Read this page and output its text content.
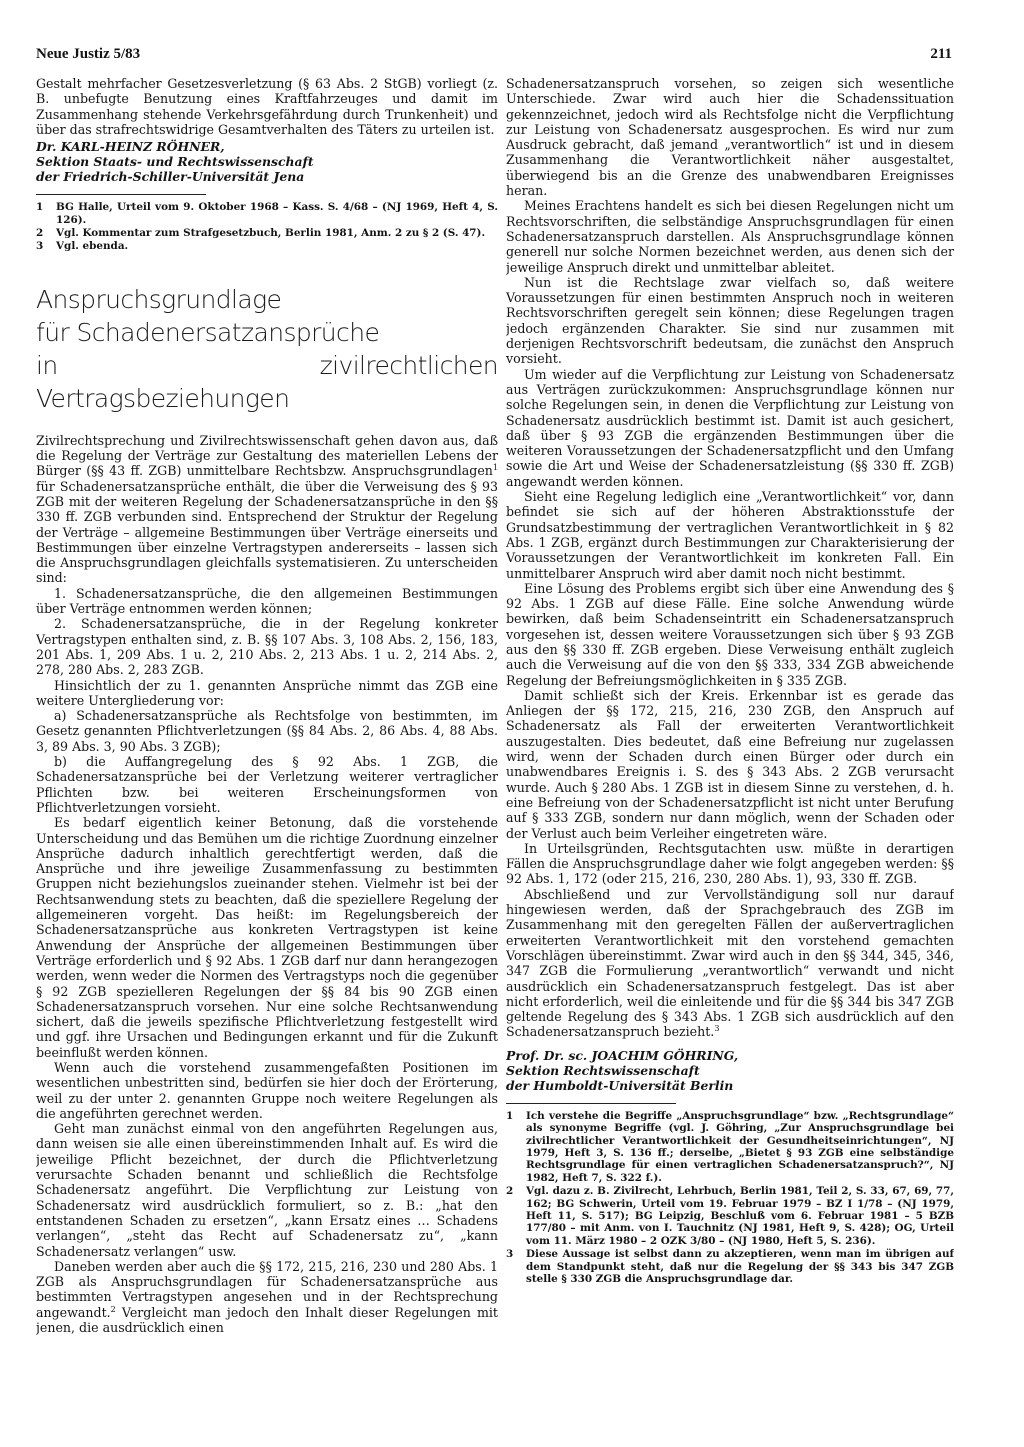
Neue Justiz 5/83	211

Gestalt mehrfacher Gesetzesverletzung (§ 63 Abs. 2 StGB) vorliegt (z. B. unbefugte Benutzung eines Kraftfahrzeuges und damit im Zusammenhang stehende Verkehrsgefährdung durch Trunkenheit) und über das strafrechtswidrige Gesamtverhalten des Täters zu urteilen ist.

Dr. KARL-HEINZ RÖHNER,
Sektion Staats- und Rechtswissenschaft
der Friedrich-Schiller-Universität Jena
1	BG Halle, Urteil vom 9. Oktober 1968 – Kass. S. 4/68 – (NJ 1969, Heft 4, S. 126).
2	Vgl. Kommentar zum Strafgesetzbuch, Berlin 1981, Anm. 2 zu § 2 (S. 47).
3	Vgl. ebenda.
Anspruchsgrundlage
für Schadenersatzansprüche
in zivilrechtlichen Vertragsbeziehungen

Zivilrechtsprechung und Zivilrechtswissenschaft gehen davon aus, daß die Regelung der Verträge zur Gestaltung des materiellen Lebens der Bürger (§§ 43 ff. ZGB) unmittelbare Rechtsbzw. Anspruchsgrundlagen$^1$ für Schadenersatzansprüche enthält, die über die Verweisung des § 93 ZGB mit der weiteren Regelung der Schadenersatzansprüche in den §§ 330 ff. ZGB verbunden sind. Entsprechend der Struktur der Regelung der Verträge – allgemeine Bestimmungen über Verträge einerseits und Bestimmungen über einzelne Vertragstypen andererseits – lassen sich die Anspruchsgrundlagen gleichfalls systematisieren. Zu unterscheiden sind:

1. Schadenersatzansprüche, die den allgemeinen Bestimmungen über Verträge entnommen werden können;

2. Schadenersatzansprüche, die in der Regelung konkreter Vertragstypen enthalten sind, z. B. §§ 107 Abs. 3, 108 Abs. 2, 156, 183, 201 Abs. 1, 209 Abs. 1 u. 2, 210 Abs. 2, 213 Abs. 1 u. 2, 214 Abs. 2, 278, 280 Abs. 2, 283 ZGB.

Hinsichtlich der zu 1. genannten Ansprüche nimmt das ZGB eine weitere Untergliederung vor:

a) Schadenersatzansprüche als Rechtsfolge von bestimmten, im Gesetz genannten Pflichtverletzungen (§§ 84 Abs. 2, 86 Abs. 4, 88 Abs. 3, 89 Abs. 3, 90 Abs. 3 ZGB);

b) die Auffangregelung des § 92 Abs. 1 ZGB, die Schadenersatzansprüche bei der Verletzung weiterer vertraglicher Pflichten bzw. bei weiteren Erscheinungsformen von Pflichtverletzungen vorsieht.

Es bedarf eigentlich keiner Betonung, daß die vorstehende Unterscheidung und das Bemühen um die richtige Zuordnung einzelner Ansprüche dadurch inhaltlich gerechtfertigt werden, daß die Ansprüche und ihre jeweilige Zusammenfassung zu bestimmten Gruppen nicht beziehungslos zueinander stehen. Vielmehr ist bei der Rechtsanwendung stets zu beachten, daß die speziellere Regelung der allgemeineren vorgeht. Das heißt: im Regelungsbereich der Schadenersatzansprüche aus konkreten Vertragstypen ist keine Anwendung der Ansprüche der allgemeinen Bestimmungen über Verträge erforderlich und § 92 Abs. 1 ZGB darf nur dann herangezogen werden, wenn weder die Normen des Vertragstyps noch die gegenüber § 92 ZGB spezielleren Regelungen der §§ 84 bis 90 ZGB einen Schadenersatzanspruch vorsehen. Nur eine solche Rechtsanwendung sichert, daß die jeweils spezifische Pflichtverletzung festgestellt wird und ggf. ihre Ursachen und Bedingungen erkannt und für die Zukunft beeinflußt werden können.

Wenn auch die vorstehend zusammengefaßten Positionen im wesentlichen unbestritten sind, bedürfen sie hier doch der Erörterung, weil zu der unter 2. genannten Gruppe noch weitere Regelungen als die angeführten gerechnet werden.

Geht man zunächst einmal von den angeführten Regelungen aus, dann weisen sie alle einen übereinstimmenden Inhalt auf. Es wird die jeweilige Pflicht bezeichnet, der durch die Pflichtverletzung verursachte Schaden benannt und schließlich die Rechtsfolge Schadenersatz angeführt. Die Verpflichtung zur Leistung von Schadenersatz wird ausdrücklich formuliert, so z. B.: „hat den entstandenen Schaden zu ersetzen“, „kann Ersatz eines … Schadens verlangen“, „steht das Recht auf Schadenersatz zu“, „kann Schadenersatz verlangen“ usw.

Daneben werden aber auch die §§ 172, 215, 216, 230 und 280 Abs. 1 ZGB als Anspruchsgrundlagen für Schadenersatzansprüche aus bestimmten Vertragstypen angesehen und in der Rechtsprechung angewandt.$^2$ Vergleicht man jedoch den Inhalt dieser Regelungen mit jenen, die ausdrücklich einen

Schadenersatzanspruch vorsehen, so zeigen sich wesentliche Unterschiede. Zwar wird auch hier die Schadenssituation gekennzeichnet, jedoch wird als Rechtsfolge nicht die Verpflichtung zur Leistung von Schadenersatz ausgesprochen. Es wird nur zum Ausdruck gebracht, daß jemand „verantwortlich“ ist und in diesem Zusammenhang die Verantwortlichkeit näher ausgestaltet, überwiegend bis an die Grenze des unabwendbaren Ereignisses heran.

Meines Erachtens handelt es sich bei diesen Regelungen nicht um Rechtsvorschriften, die selbständige Anspruchsgrundlagen für einen Schadenersatzanspruch darstellen. Als Anspruchsgrundlage können generell nur solche Normen bezeichnet werden, aus denen sich der jeweilige Anspruch direkt und unmittelbar ableitet.

Nun ist die Rechtslage zwar vielfach so, daß weitere Voraussetzungen für einen bestimmten Anspruch noch in weiteren Rechtsvorschriften geregelt sein können; diese Regelungen tragen jedoch ergänzenden Charakter. Sie sind nur zusammen mit derjenigen Rechtsvorschrift bedeutsam, die zunächst den Anspruch vorsieht.

Um wieder auf die Verpflichtung zur Leistung von Schadenersatz aus Verträgen zurückzukommen: Anspruchsgrundlage können nur solche Regelungen sein, in denen die Verpflichtung zur Leistung von Schadenersatz ausdrücklich bestimmt ist. Damit ist auch gesichert, daß über § 93 ZGB die ergänzenden Bestimmungen über die weiteren Voraussetzungen der Schadenersatzpflicht und den Umfang sowie die Art und Weise der Schadenersatzleistung (§§ 330 ff. ZGB) angewandt werden können.

Sieht eine Regelung lediglich eine „Verantwortlichkeit“ vor, dann befindet sie sich auf der höheren Abstraktionsstufe der Grundsatzbestimmung der vertraglichen Verantwortlichkeit in § 82 Abs. 1 ZGB, ergänzt durch Bestimmungen zur Charakterisierung der Voraussetzungen der Verantwortlichkeit im konkreten Fall. Ein unmittelbarer Anspruch wird aber damit noch nicht bestimmt.

Eine Lösung des Problems ergibt sich über eine Anwendung des § 92 Abs. 1 ZGB auf diese Fälle. Eine solche Anwendung würde bewirken, daß beim Schadenseintritt ein Schadenersatzanspruch vorgesehen ist, dessen weitere Voraussetzungen sich über § 93 ZGB aus den §§ 330 ff. ZGB ergeben. Diese Verweisung enthält zugleich auch die Verweisung auf die von den §§ 333, 334 ZGB abweichende Regelung der Befreiungsmöglichkeiten in § 335 ZGB.

Damit schließt sich der Kreis. Erkennbar ist es gerade das Anliegen der §§ 172, 215, 216, 230 ZGB, den Anspruch auf Schadenersatz als Fall der erweiterten Verantwortlichkeit auszugestalten. Dies bedeutet, daß eine Befreiung nur zugelassen wird, wenn der Schaden durch einen Bürger oder durch ein unabwendbares Ereignis i. S. des § 343 Abs. 2 ZGB verursacht wurde. Auch § 280 Abs. 1 ZGB ist in diesem Sinne zu verstehen, d. h. eine Befreiung von der Schadenersatzpflicht ist nicht unter Berufung auf § 333 ZGB, sondern nur dann möglich, wenn der Schaden oder der Verlust auch beim Verleiher eingetreten wäre.

In Urteilsgründen, Rechtsgutachten usw. müßte in derartigen Fällen die Anspruchsgrundlage daher wie folgt angegeben werden: §§ 92 Abs. 1, 172 (oder 215, 216, 230, 280 Abs. 1), 93, 330 ff. ZGB.

Abschließend und zur Vervollständigung soll nur darauf hingewiesen werden, daß der Sprachgebrauch des ZGB im Zusammenhang mit den geregelten Fällen der außervertraglichen erweiterten Verantwortlichkeit mit den vorstehend gemachten Vorschlägen übereinstimmt. Zwar wird auch in den §§ 344, 345, 346, 347 ZGB die Formulierung „verantwortlich“ verwandt und nicht ausdrücklich ein Schadenersatzanspruch festgelegt. Das ist aber nicht erforderlich, weil die einleitende und für die §§ 344 bis 347 ZGB geltende Regelung des § 343 Abs. 1 ZGB sich ausdrücklich auf den Schadenersatzanspruch bezieht.$^3$

Prof. Dr. sc. JOACHIM GÖHRING,
Sektion Rechtswissenschaft
der Humboldt-Universität Berlin
1	Ich verstehe die Begriffe „Anspruchsgrundlage“ bzw. „Rechtsgrundlage“ als synonyme Begriffe (vgl. J. Göhring, „Zur Anspruchsgrundlage bei zivilrechtlicher Verantwortlichkeit der Gesundheitseinrichtungen“, NJ 1979, Heft 3, S. 136 ff.; derselbe, „Bietet § 93 ZGB eine selbständige Rechtsgrundlage für einen vertraglichen Schadenersatzanspruch?“, NJ 1982, Heft 7, S. 322 f.).
2	Vgl. dazu z. B. Zivilrecht, Lehrbuch, Berlin 1981, Teil 2, S. 33, 67, 69, 77, 162; BG Schwerin, Urteil vom 19. Februar 1979 – BZ I 1/78 – (NJ 1979, Heft 11, S. 517); BG Leipzig, Beschluß vom 6. Februar 1981 – 5 BZB 177/80 – mit Anm. von I. Tauchnitz (NJ 1981, Heft 9, S. 428); OG, Urteil vom 11. März 1980 – 2 OZK 3/80 – (NJ 1980, Heft 5, S. 236).
3	Diese Aussage ist selbst dann zu akzeptieren, wenn man im übrigen auf dem Standpunkt steht, daß nur die Regelung der §§ 343 bis 347 ZGB stelle § 330 ZGB die Anspruchsgrundlage dar.
